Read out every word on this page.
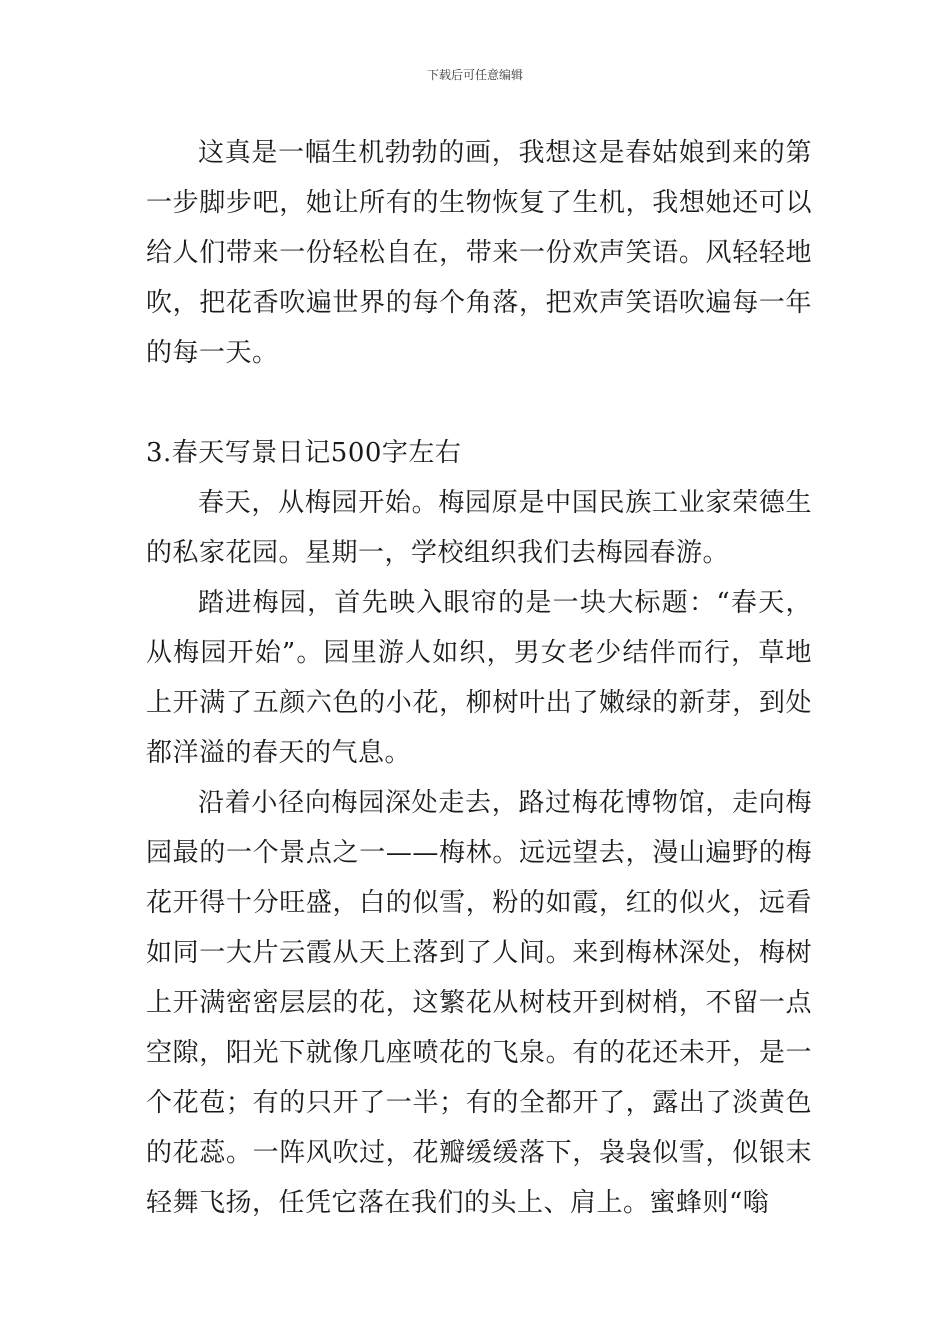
下载后可任意编辑

这真是一幅生机勃勃的画，我想这是春姑娘到来的第一步脚步吧，她让所有的生物恢复了生机，我想她还可以给人们带来一份轻松自在，带来一份欢声笑语。风轻轻地吹，把花香吹遍世界的每个角落，把欢声笑语吹遍每一年的每一天。

3.春天写景日记500字左右

春天，从梅园开始。梅园原是中国民族工业家荣德生的私家花园。星期一，学校组织我们去梅园春游。

踏进梅园，首先映入眼帘的是一块大标题：“春天，从梅园开始”。园里游人如织，男女老少结伴而行，草地上开满了五颜六色的小花，柳树叶出了嫩绿的新芽，到处都洋溢的春天的气息。

沿着小径向梅园深处走去，路过梅花博物馆，走向梅园最的一个景点之一——梅林。远远望去，漫山遍野的梅花开得十分旺盛，白的似雪，粉的如霞，红的似火，远看如同一大片云霞从天上落到了人间。来到梅林深处，梅树上开满密密层层的花，这繁花从树枝开到树梢，不留一点空隙，阳光下就像几座喷花的飞泉。有的花还未开，是一个花苞；有的只开了一半；有的全都开了，露出了淡黄色的花蕊。一阵风吹过，花瓣缓缓落下，袅袅似雪，似银末轻舞飞扬，任凭它落在我们的头上、肩上。蜜蜂则“嗡
